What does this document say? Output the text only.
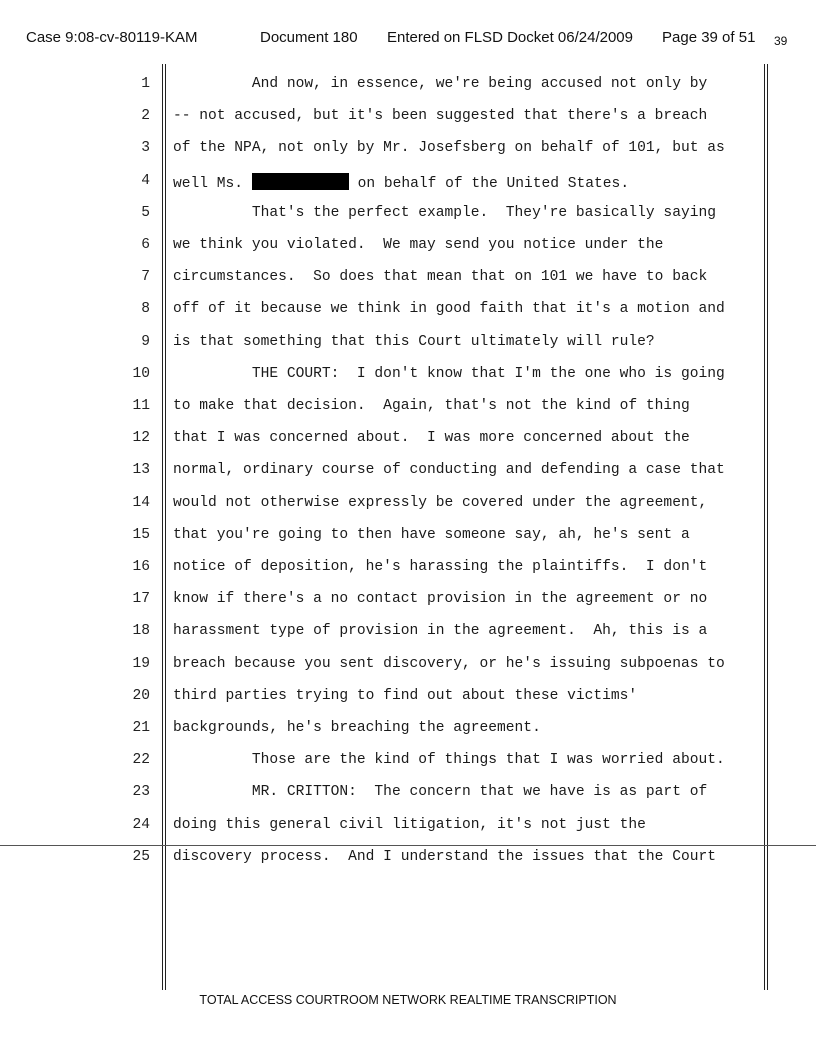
Case 9:08-cv-80119-KAM	Document 180 Entered on FLSD Docket 06/24/2009 Page 39 of 51 39
1 And now, in essence, we're being accused not only by
2 -- not accused, but it's been suggested that there's a breach
3 of the NPA, not only by Mr. Josefsberg on behalf of 101, but as
4 well Ms.	on behalf of the United States.
5 That's the perfect example.  They're basically saying
6 we think you violated.  We may send you notice under the
7 circumstances.  So does that mean that on 101 we have to back
8 off of it because we think in good faith that it's a motion and
9 is that something that this Court ultimately will rule?
10 THE COURT:  I don't know that I'm the one who is going
11 to make that decision.  Again, that's not the kind of thing
12 that I was concerned about.  I was more concerned about the
13 normal, ordinary course of conducting and defending a case that
14 would not otherwise expressly be covered under the agreement,
15 that you're going to then have someone say, ah, he's sent a
16 notice of deposition, he's harassing the plaintiffs.  I don't
17 know if there's a no contact provision in the agreement or no
18 harassment type of provision in the agreement.  Ah, this is a
19 breach because you sent discovery, or he's issuing subpoenas to
20 third parties trying to find out about these victims'
21 backgrounds, he's breaching the agreement.
22 Those are the kind of things that I was worried about.
23 MR. CRITTON:  The concern that we have is as part of
24 doing this general civil litigation, it's not just the
25 discovery process.  And I understand the issues that the Court
TOTAL ACCESS COURTROOM NETWORK REALTIME TRANSCRIPTION
